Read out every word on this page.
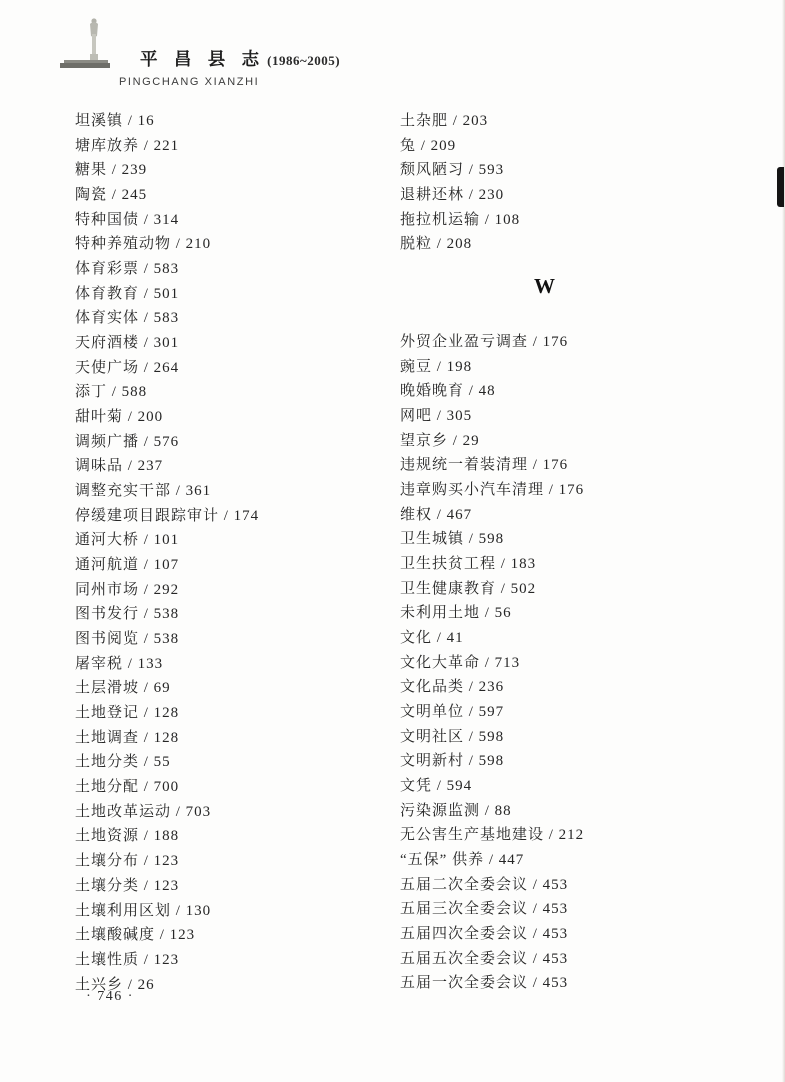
平 昌 县 志 (1986~2005)
PINGCHANG XIANZHI
坦溪镇 / 16
塘库放养 / 221
糖果 / 239
陶瓷 / 245
特种国债 / 314
特种养殖动物 / 210
体育彩票 / 583
体育教育 / 501
体育实体 / 583
天府酒楼 / 301
天使广场 / 264
添丁 / 588
甜叶菊 / 200
调频广播 / 576
调味品 / 237
调整充实干部 / 361
停缓建项目跟踪审计 / 174
通河大桥 / 101
通河航道 / 107
同州市场 / 292
图书发行 / 538
图书阅览 / 538
屠宰税 / 133
土层滑坡 / 69
土地登记 / 128
土地调查 / 128
土地分类 / 55
土地分配 / 700
土地改革运动 / 703
土地资源 / 188
土壤分布 / 123
土壤分类 / 123
土壤利用区划 / 130
土壤酸碱度 / 123
土壤性质 / 123
土兴乡 / 26
土杂肥 / 203
兔 / 209
颓风陋习 / 593
退耕还林 / 230
拖拉机运输 / 108
脱粒 / 208
W
外贸企业盈亏调查 / 176
豌豆 / 198
晚婚晚育 / 48
网吧 / 305
望京乡 / 29
违规统一着装清理 / 176
违章购买小汽车清理 / 176
维权 / 467
卫生城镇 / 598
卫生扶贫工程 / 183
卫生健康教育 / 502
未利用土地 / 56
文化 / 41
文化大革命 / 713
文化品类 / 236
文明单位 / 597
文明社区 / 598
文明新村 / 598
文凭 / 594
污染源监测 / 88
无公害生产基地建设 / 212
“五保” 供养 / 447
五届二次全委会议 / 453
五届三次全委会议 / 453
五届四次全委会议 / 453
五届五次全委会议 / 453
五届一次全委会议 / 453
· 746 ·
